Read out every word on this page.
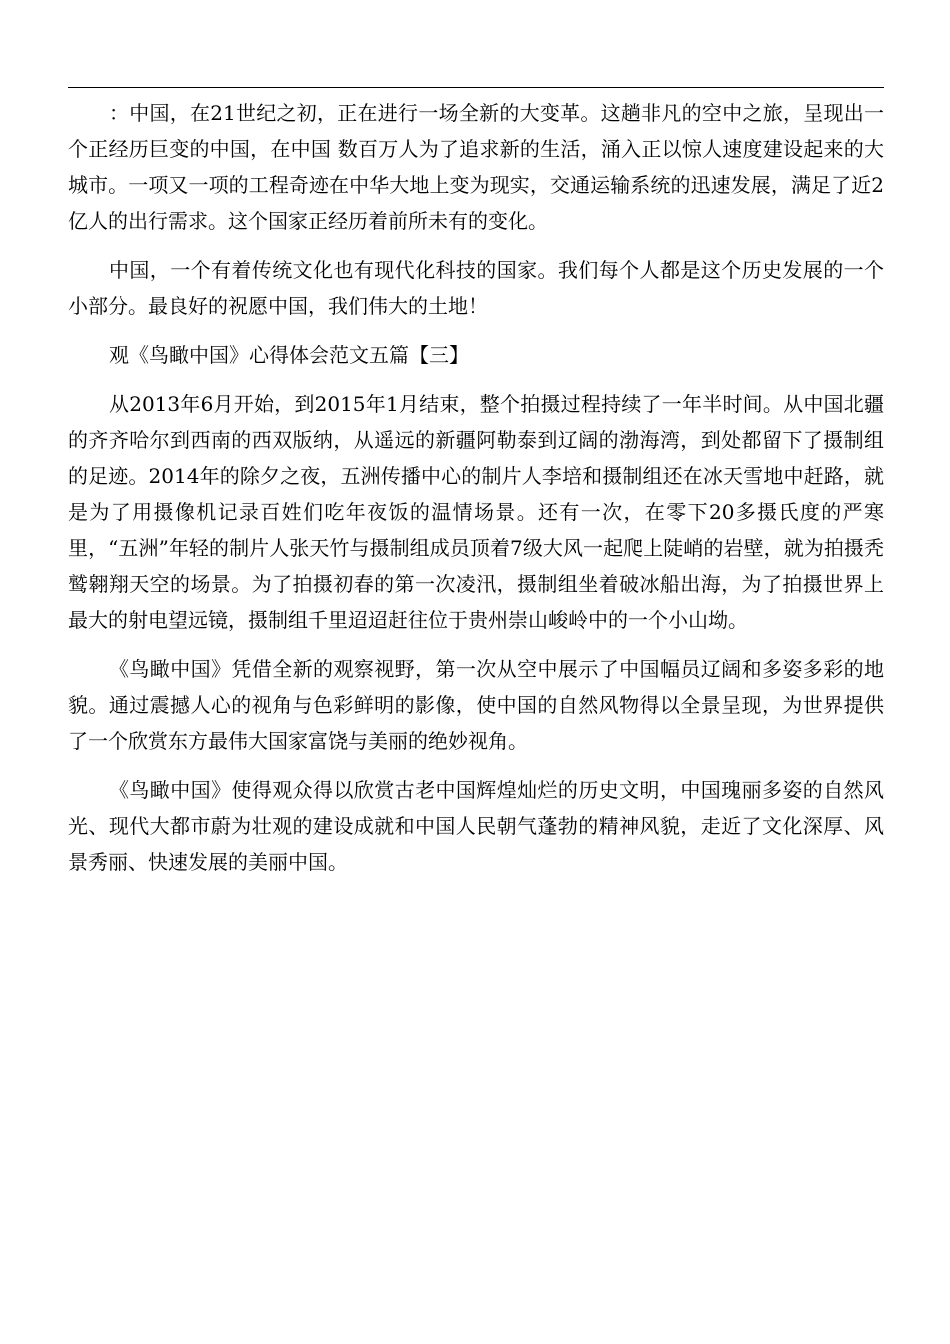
：中国，在21世纪之初，正在进行一场全新的大变革。这趟非凡的空中之旅，呈现出一个正经历巨变的中国，在中国 数百万人为了追求新的生活，涌入正以惊人速度建设起来的大城市。一项又一项的工程奇迹在中华大地上变为现实，交通运输系统的迅速发展，满足了近2亿人的出行需求。这个国家正经历着前所未有的变化。

中国，一个有着传统文化也有现代化科技的国家。我们每个人都是这个历史发展的一个小部分。最良好的祝愿中国，我们伟大的土地！

观《鸟瞰中国》心得体会范文五篇【三】

从2013年6月开始，到2015年1月结束，整个拍摄过程持续了一年半时间。从中国北疆的齐齐哈尔到西南的西双版纳，从遥远的新疆阿勒泰到辽阔的渤海湾，到处都留下了摄制组的足迹。2014年的除夕之夜，五洲传播中心的制片人李培和摄制组还在冰天雪地中赶路，就是为了用摄像机记录百姓们吃年夜饭的温情场景。还有一次，在零下20多摄氏度的严寒里，“五洲”年轻的制片人张天竹与摄制组成员顶着7级大风一起爬上陡峭的岩壁，就为拍摄秃鹫翱翔天空的场景。为了拍摄初春的第一次凌汛，摄制组坐着破冰船出海，为了拍摄世界上最大的射电望远镜，摄制组千里迢迢赶往位于贵州崇山峻岭中的一个小山坳。

《鸟瞰中国》凭借全新的观察视野，第一次从空中展示了中国幅员辽阔和多姿多彩的地貌。通过震撼人心的视角与色彩鲜明的影像，使中国的自然风物得以全景呈现，为世界提供了一个欣赏东方最伟大国家富饶与美丽的绝妙视角。

《鸟瞰中国》使得观众得以欣赏古老中国辉煌灿烂的历史文明，中国瑰丽多姿的自然风光、现代大都市蔚为壮观的建设成就和中国人民朝气蓬勃的精神风貌，走近了文化深厚、风景秀丽、快速发展的美丽中国。
